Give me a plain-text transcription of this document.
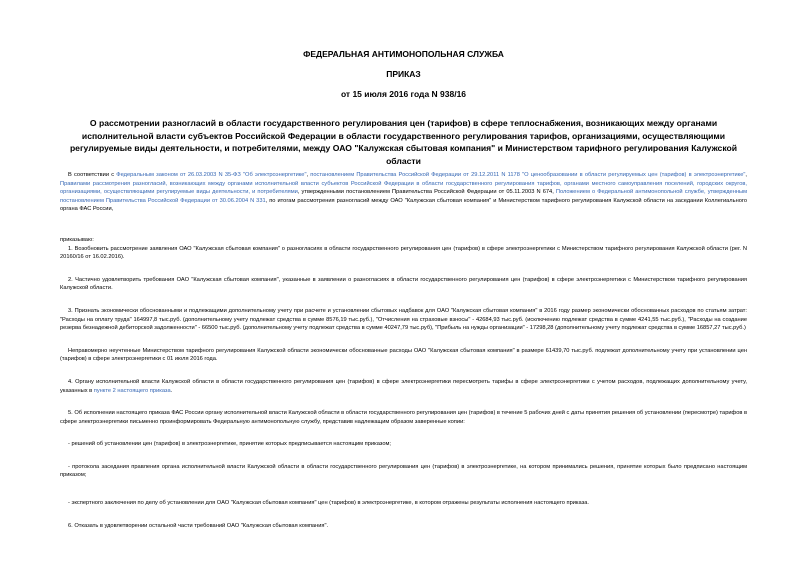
ФЕДЕРАЛЬНАЯ АНТИМОНОПОЛЬНАЯ СЛУЖБА
ПРИКАЗ
от 15 июля 2016 года N 938/16
О рассмотрении разногласий в области государственного регулирования цен (тарифов) в сфере теплоснабжения, возникающих между органами исполнительной власти субъектов Российской Федерации в области государственного регулирования тарифов, организациями, осуществляющими регулируемые виды деятельности, и потребителями, между ОАО "Калужская сбытовая компания" и Министерством тарифного регулирования Калужской области

В соответствии с Федеральным законом от 26.03.2003 N 35-ФЗ "Об электроэнергетике", постановлением Правительства Российской Федерации от 29.12.2011 N 1178 "О ценообразовании в области регулируемых цен (тарифов) в электроэнергетике", Правилами рассмотрения разногласий, возникающих между органами исполнительной власти субъектов Российской Федерации в области государственного регулирования тарифов, органами местного самоуправления поселений, городских округов, организациями, осуществляющими регулируемые виды деятельности, и потребителями, утвержденными постановлением Правительства Российской Федерации от 05.11.2003 N 674, Положением о Федеральной антимонопольной службе, утвержденным постановлением Правительства Российской Федерации от 30.06.2004 N 331, по итогам рассмотрения разногласий между ОАО "Калужская сбытовая компания" и Министерством тарифного регулирования Калужской области на заседании Коллегиального органа ФАС России,

приказываю:

1. Возобновить рассмотрение заявления ОАО "Калужская сбытовая компания" о разногласиях в области государственного регулирования цен (тарифов) в сфере электроэнергетики с Министерством тарифного регулирования Калужской области (рег. N 20160/16 от 16.02.2016).

2. Частично удовлетворить требования ОАО "Калужская сбытовая компания", указанные в заявлении о разногласиях в области государственного регулирования цен (тарифов) в сфере электроэнергетики с Министерством тарифного регулирования Калужской области.

3. Признать экономически обоснованными и подлежащими дополнительному учету при расчете и установлении сбытовых надбавок для ОАО "Калужская сбытовая компания" в 2016 году размер экономически обоснованных расходов по статьям затрат: "Расходы на оплату труда" 164997,8 тыс.руб. (дополнительному учету подлежат средства в сумме 8576,19 тыс.руб.), "Отчисления на страховые взносы" - 42684,93 тыс.руб. (исключению подлежат средства в сумме 4241,55 тыс.руб.), "Расходы на создание резерва безнадежной дебиторской задолженности" - 66500 тыс.руб. (дополнительному учету подлежат средства в сумме 40247,79 тыс.руб), "Прибыль на нужды организации" - 17298,28 (дополнительному учету подлежат средства в сумме 16857,27 тыс.руб.)

Неправомерно неучтенные Министерством тарифного регулирования Калужской области экономически обоснованные расходы ОАО "Калужская сбытовая компания" в размере 61439,70 тыс.руб. подлежат дополнительному учету при установлении цен (тарифов) в сфере электроэнергетики с 01 июля 2016 года.

4. Органу исполнительной власти Калужской области в области государственного регулирования цен (тарифов) в сфере электроэнергетики пересмотреть тарифы в сфере электроэнергетики с учетом расходов, подлежащих дополнительному учету, указанных в пункте 2 настоящего приказа.

5. Об исполнении настоящего приказа ФАС России органу исполнительной власти Калужской области в области государственного регулирования цен (тарифов) в течение 5 рабочих дней с даты принятия решения об установлении (пересмотре) тарифов в сфере электроэнергетики письменно проинформировать Федеральную антимонопольную службу, представив надлежащим образом заверенные копии:

- решений об установлении цен (тарифов) в электроэнергетике, принятие которых предписывается настоящим приказом;

- протокола заседания правления органа исполнительной власти Калужской области в области государственного регулирования цен (тарифов) в электроэнергетике, на котором принимались решения, принятие которых было предписано настоящим приказом;

- экспертного заключения по делу об установлении для ОАО "Калужская сбытовая компания" цен (тарифов) в электроэнергетике, в котором отражены результаты исполнения настоящего приказа.

6. Отказать в удовлетворении остальной части требований ОАО "Калужская сбытовая компания".
